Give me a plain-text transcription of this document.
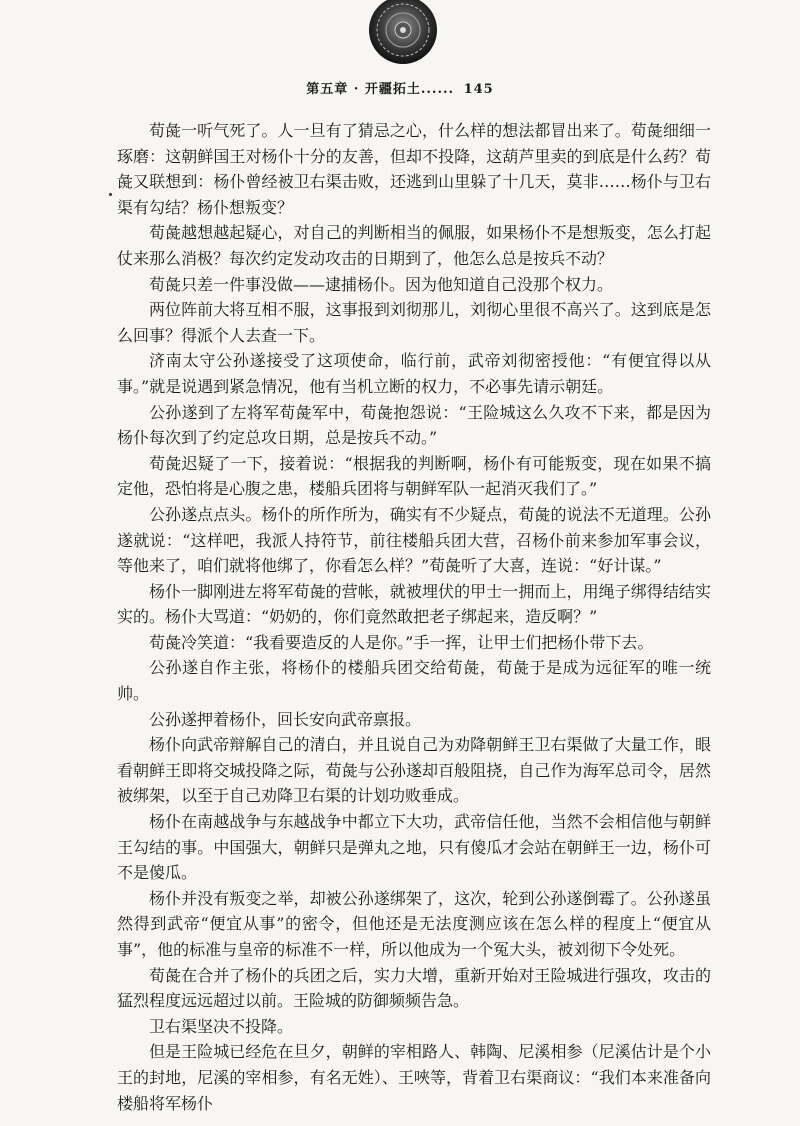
第五章 · 开疆拓土...... 145

荀彘一听气死了。人一旦有了猜忌之心，什么样的想法都冒出来了。荀彘细细一琢磨：这朝鲜国王对杨仆十分的友善，但却不投降，这葫芦里卖的到底是什么药？荀彘又联想到：杨仆曾经被卫右渠击败，还逃到山里躲了十几天，莫非……杨仆与卫右渠有勾结？杨仆想叛变？

荀彘越想越起疑心，对自己的判断相当的佩服，如果杨仆不是想叛变，怎么打起仗来那么消极？每次约定发动攻击的日期到了，他怎么总是按兵不动？

荀彘只差一件事没做——逮捕杨仆。因为他知道自己没那个权力。

两位阵前大将互相不服，这事报到刘彻那儿，刘彻心里很不高兴了。这到底是怎么回事？得派个人去查一下。

济南太守公孙遂接受了这项使命，临行前，武帝刘彻密授他：“有便宜得以从事。”就是说遇到紧急情况，他有当机立断的权力，不必事先请示朝廷。

公孙遂到了左将军荀彘军中，荀彘抱怨说：“王险城这么久攻不下来，都是因为杨仆每次到了约定总攻日期，总是按兵不动。”

荀彘迟疑了一下，接着说：“根据我的判断啊，杨仆有可能叛变，现在如果不搞定他，恐怕将是心腹之患，楼船兵团将与朝鲜军队一起消灭我们了。”

公孙遂点点头。杨仆的所作所为，确实有不少疑点，荀彘的说法不无道理。公孙遂就说：“这样吧，我派人持符节，前往楼船兵团大营，召杨仆前来参加军事会议，等他来了，咱们就将他绑了，你看怎么样？”荀彘听了大喜，连说：“好计谋。”

杨仆一脚刚进左将军荀彘的营帐，就被埋伏的甲士一拥而上，用绳子绑得结结实实的。杨仆大骂道：“奶奶的，你们竟然敢把老子绑起来，造反啊？”

荀彘冷笑道：“我看要造反的人是你。”手一挥，让甲士们把杨仆带下去。

公孙遂自作主张，将杨仆的楼船兵团交给荀彘，荀彘于是成为远征军的唯一统帅。

公孙遂押着杨仆，回长安向武帝禀报。

杨仆向武帝辩解自己的清白，并且说自己为劝降朝鲜王卫右渠做了大量工作，眼看朝鲜王即将交城投降之际，荀彘与公孙遂却百般阻挠，自己作为海军总司令，居然被绑架，以至于自己劝降卫右渠的计划功败垂成。

杨仆在南越战争与东越战争中都立下大功，武帝信任他，当然不会相信他与朝鲜王勾结的事。中国强大，朝鲜只是弹丸之地，只有傻瓜才会站在朝鲜王一边，杨仆可不是傻瓜。

杨仆并没有叛变之举，却被公孙遂绑架了，这次，轮到公孙遂倒霉了。公孙遂虽然得到武帝“便宜从事”的密令，但他还是无法度测应该在怎么样的程度上“便宜从事”，他的标准与皇帝的标准不一样，所以他成为一个冤大头，被刘彻下令处死。

荀彘在合并了杨仆的兵团之后，实力大增，重新开始对王险城进行强攻，攻击的猛烈程度远远超过以前。王险城的防御频频告急。

卫右渠坚决不投降。

但是王险城已经危在旦夕，朝鲜的宰相路人、韩陶、尼溪相参（尼溪估计是个小王的封地，尼溪的宰相参，有名无姓）、王唊等，背着卫右渠商议：“我们本来准备向楼船将军杨仆
